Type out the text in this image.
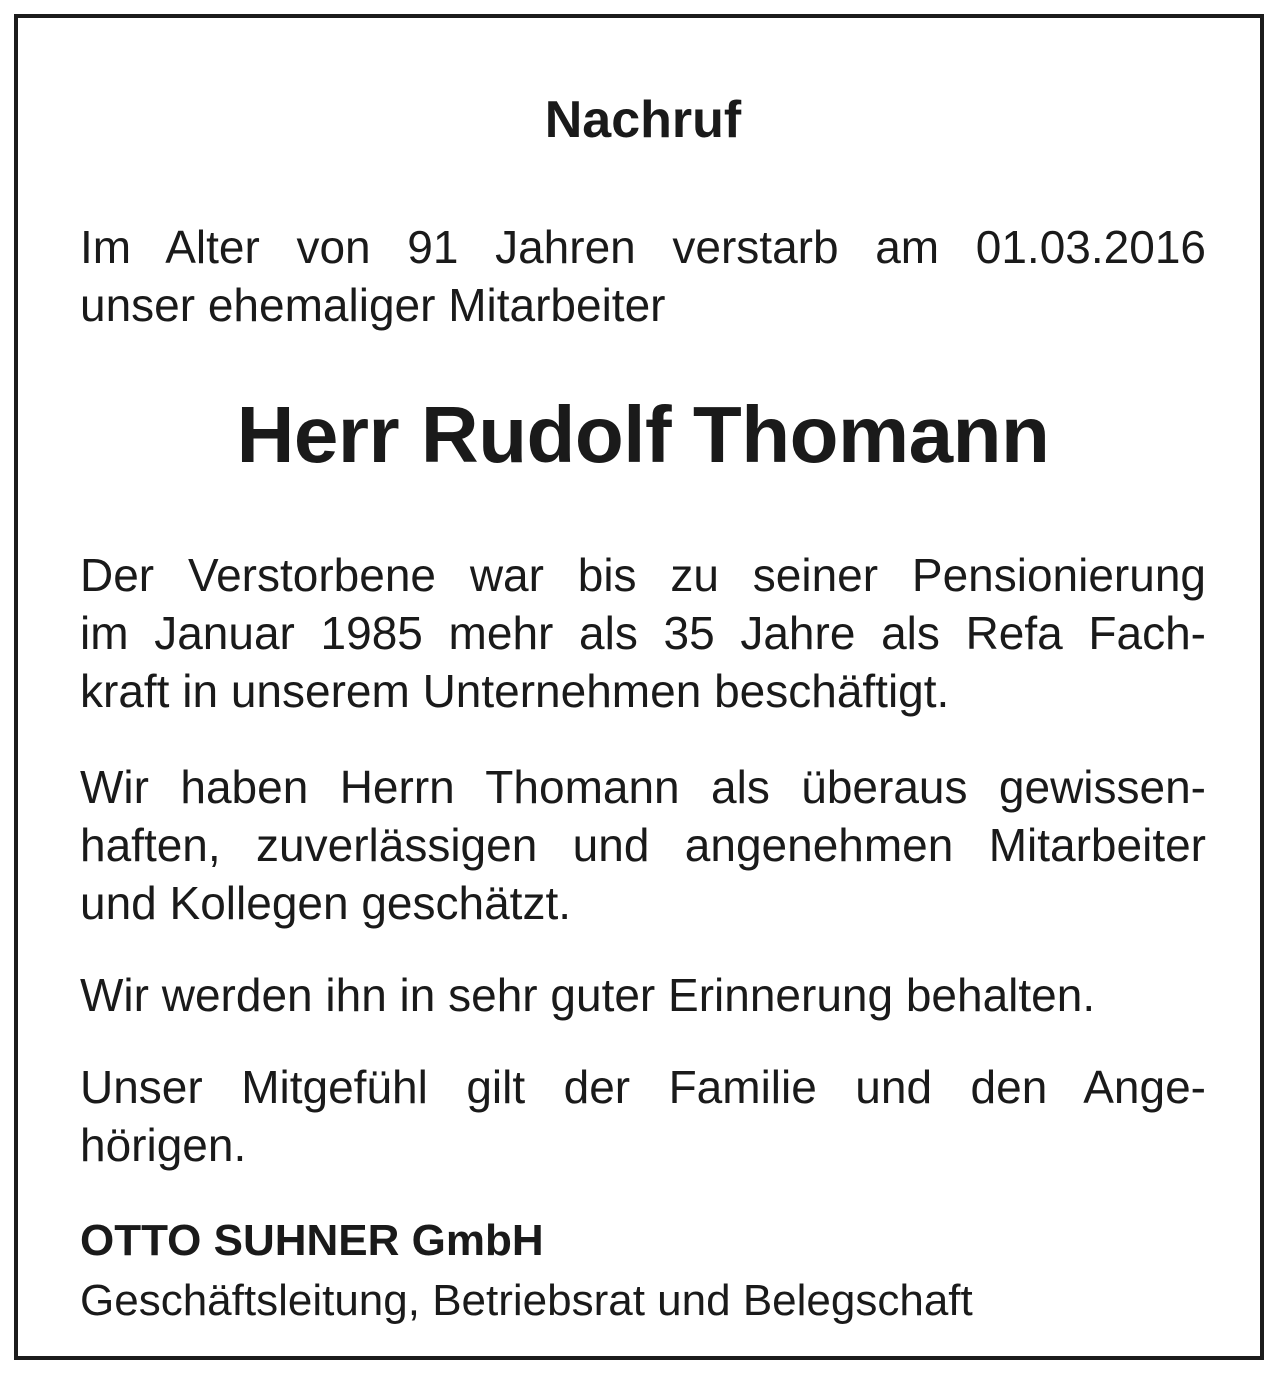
Nachruf
Im Alter von 91 Jahren verstarb am 01.03.2016
unser ehemaliger Mitarbeiter
Herr Rudolf Thomann
Der Verstorbene war bis zu seiner Pensionierung
im Januar 1985 mehr als 35 Jahre als Refa Fach-
kraft in unserem Unternehmen beschäftigt.
Wir haben Herrn Thomann als überaus gewissen-
haften, zuverlässigen und angenehmen Mitarbeiter
und Kollegen geschätzt.
Wir werden ihn in sehr guter Erinnerung behalten.
Unser Mitgefühl gilt der Familie und den Ange-
hörigen.
OTTO SUHNER GmbH
Geschäftsleitung, Betriebsrat und Belegschaft
